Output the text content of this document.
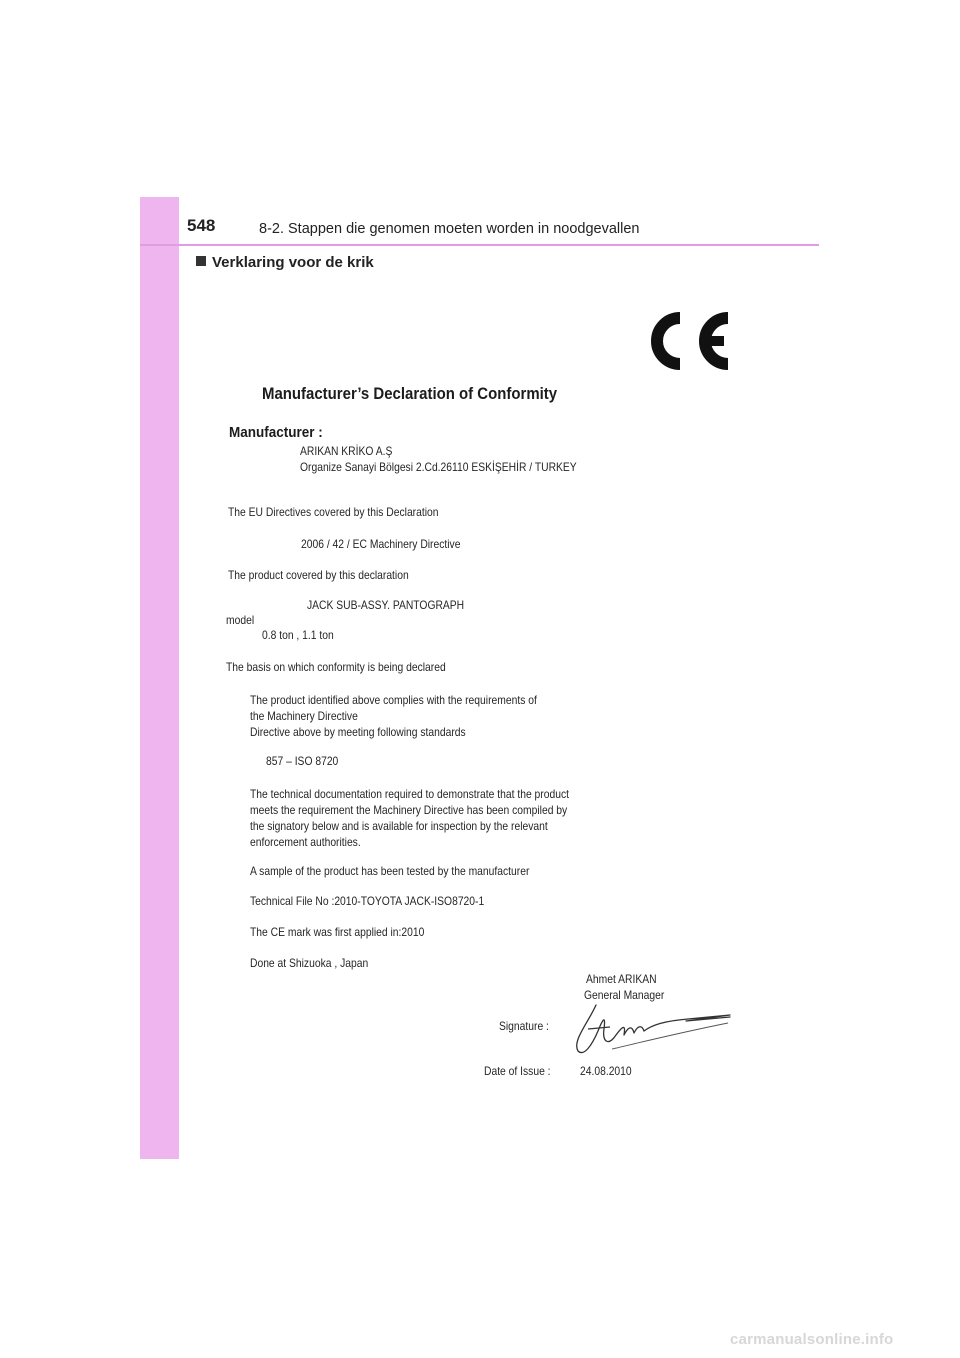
548	8-2. Stappen die genomen moeten worden in noodgevallen
Verklaring voor de krik
Manufacturer’s Declaration of Conformity
Manufacturer :
ARIKAN KRİKO A.Ş
Organize Sanayi Bölgesi 2.Cd.26110 ESKİŞEHİR / TURKEY
The EU Directives covered by this Declaration
2006 / 42 / EC Machinery Directive
The product covered by this declaration
JACK SUB-ASSY. PANTOGRAPH
model
0.8 ton , 1.1 ton
The basis on which conformity is being declared
The product identified above complies with the requirements of
the Machinery Directive
Directive above by meeting following standards
857 – ISO 8720
The technical documentation required to demonstrate that the product
meets the requirement the Machinery Directive has been compiled by
the signatory below and is available for inspection by the relevant
enforcement authorities.
A sample of the product has been tested by the manufacturer
Technical File No :2010-TOYOTA JACK-ISO8720-1
The CE mark was first applied in:2010
Done at Shizuoka , Japan
Ahmet ARIKAN
General Manager
Signature :
Date of Issue : 24.08.2010
carmanualsonline.info
